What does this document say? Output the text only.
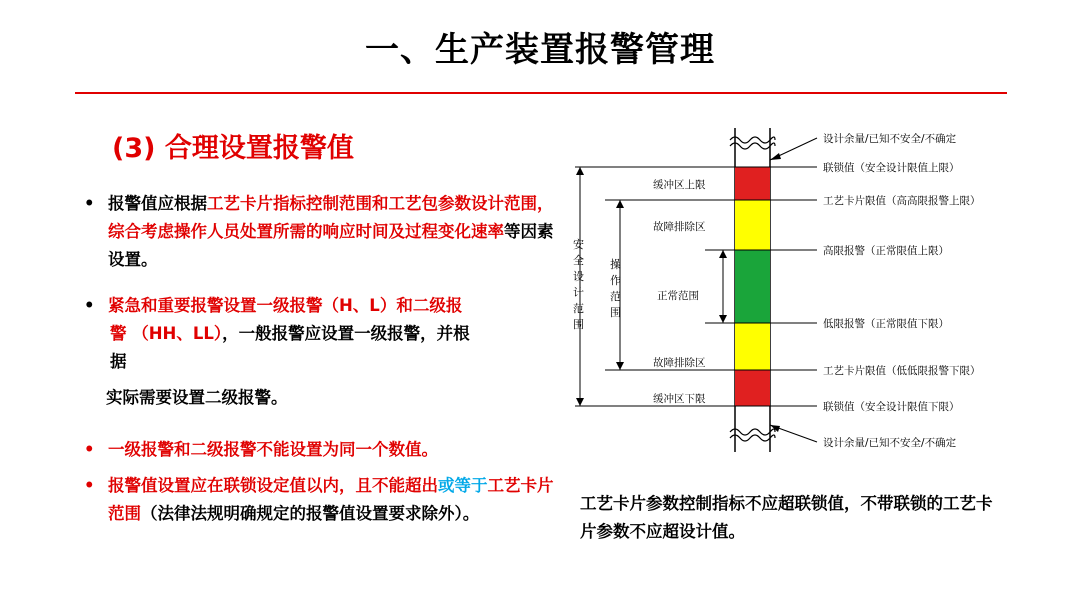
一、生产装置报警管理
(3) 合理设置报警值
• 报警值应根据工艺卡片指标控制范围和工艺包参数设计范围，综合考虑操作人员处置所需的响应时间及过程变化速率等因素设置。
• 紧急和重要报警设置一级报警（H、L）和二级报
警 （HH、LL），一般报警应设置一级报警，并根
据
实际需要设置二级报警。
• 一级报警和二级报警不能设置为同一个数值。
• 报警值设置应在联锁设定值以内，且不能超出或等于工艺卡片范围（法律法规明确规定的报警值设置要求除外）。
安全设计范围
操作范围
缓冲区上限
故障排除区
正常范围
故障排除区
缓冲区下限
设计余量/已知不安全/不确定
联锁值（安全设计限值上限）
工艺卡片限值（高高限报警上限）
高限报警（正常限值上限）
低限报警（正常限值下限）
工艺卡片限值（低低限报警下限）
联锁值（安全设计限值下限）
设计余量/已知不安全/不确定
工艺卡片参数控制指标不应超联锁值，不带联锁的工艺卡片参数不应超设计值。
